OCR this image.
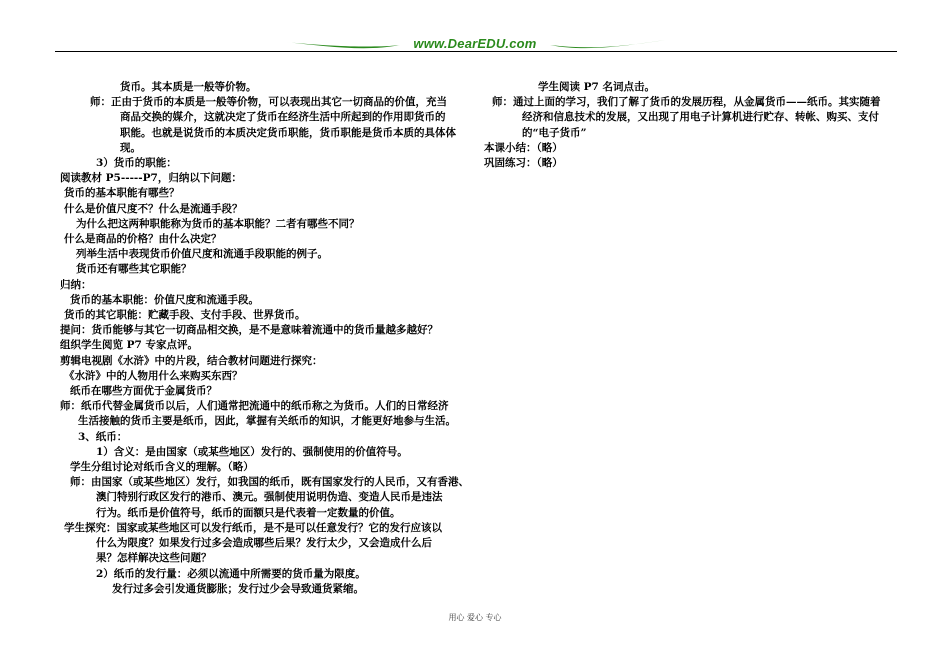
www.DearEDU.com
货币。其本质是一般等价物。
师：正由于货币的本质是一般等价物，可以表现出其它一切商品的价值，充当
商品交换的媒介，这就决定了货币在经济生活中所起到的作用即货币的
职能。也就是说货币的本质决定货币职能，货币职能是货币本质的具体体
现。
3）货币的职能：
阅读教材 P5-----P7，归纳以下问题：
货币的基本职能有哪些？
什么是价值尺度不？什么是流通手段？
为什么把这两种职能称为货币的基本职能？二者有哪些不同？
什么是商品的价格？由什么决定？
列举生活中表现货币价值尺度和流通手段职能的例子。
货币还有哪些其它职能？
归纳：
货币的基本职能：价值尺度和流通手段。
货币的其它职能：贮藏手段、支付手段、世界货币。
提问：货币能够与其它一切商品相交换，是不是意味着流通中的货币量越多越好？
组织学生阅览 P7 专家点评。
剪辑电视剧《水浒》中的片段，结合教材问题进行探究：
《水浒》中的人物用什么来购买东西？
纸币在哪些方面优于金属货币？
师：纸币代替金属货币以后，人们通常把流通中的纸币称之为货币。人们的日常经济
生活接触的货币主要是纸币，因此，掌握有关纸币的知识，才能更好地参与生活。
3、纸币：
1）含义：是由国家（或某些地区）发行的、强制使用的价值符号。
学生分组讨论对纸币含义的理解。（略）
师：由国家（或某些地区）发行，如我国的纸币，既有国家发行的人民币，又有香港、
澳门特别行政区发行的港币、澳元。强制使用说明伪造、变造人民币是违法
行为。纸币是价值符号，纸币的面额只是代表着一定数量的价值。
学生探究：国家或某些地区可以发行纸币，是不是可以任意发行？它的发行应该以
什么为限度？如果发行过多会造成哪些后果？发行太少，又会造成什么后
果？怎样解决这些问题？
2）纸币的发行量：必须以流通中所需要的货币量为限度。
发行过多会引发通货膨胀；发行过少会导致通货紧缩。
学生阅读 P7 名词点击。
师：通过上面的学习，我们了解了货币的发展历程，从金属货币——纸币。其实随着
经济和信息技术的发展，又出现了用电子计算机进行贮存、转帐、购买、支付
的“电子货币”
本课小结：（略）
巩固练习：（略）
用心 爱心 专心
